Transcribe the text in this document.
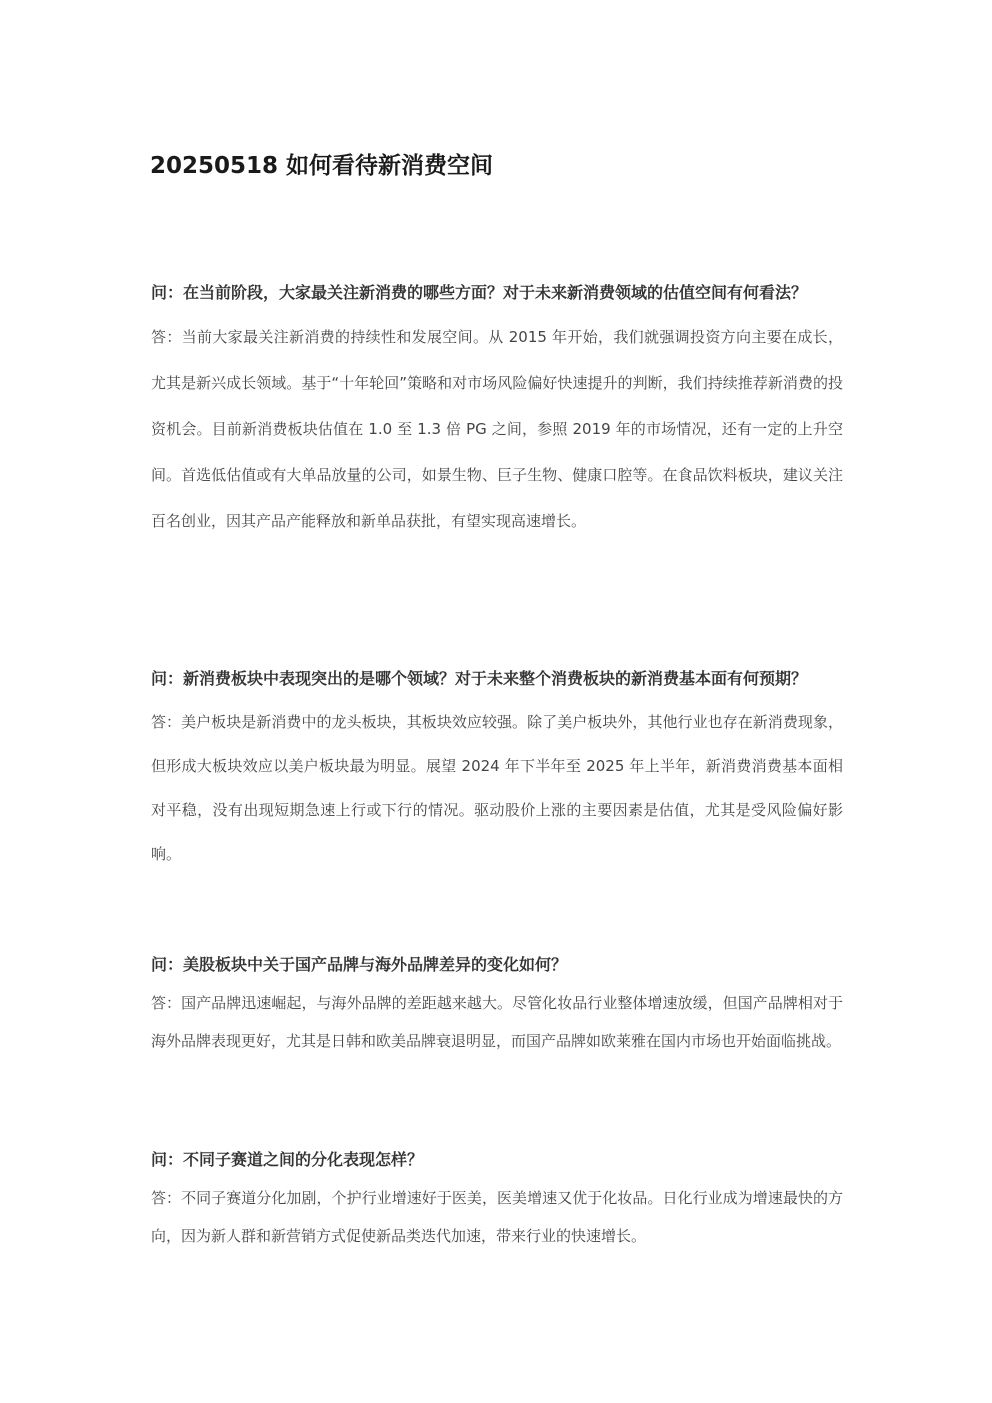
20250518 如何看待新消费空间

问：在当前阶段，大家最关注新消费的哪些方面？对于未来新消费领域的估值空间有何看法？

答：当前大家最关注新消费的持续性和发展空间。从 2015 年开始，我们就强调投资方向主要在成长，尤其是新兴成长领域。基于“十年轮回”策略和对市场风险偏好快速提升的判断，我们持续推荐新消费的投资机会。目前新消费板块估值在 1.0 至 1.3 倍 PG 之间，参照 2019 年的市场情况，还有一定的上升空间。首选低估值或有大单品放量的公司，如景生物、巨子生物、健康口腔等。在食品饮料板块，建议关注百名创业，因其产品产能释放和新单品获批，有望实现高速增长。

问：新消费板块中表现突出的是哪个领域？对于未来整个消费板块的新消费基本面有何预期？

答：美户板块是新消费中的龙头板块，其板块效应较强。除了美户板块外，其他行业也存在新消费现象，但形成大板块效应以美户板块最为明显。展望 2024 年下半年至 2025 年上半年，新消费消费基本面相对平稳，没有出现短期急速上行或下行的情况。驱动股价上涨的主要因素是估值，尤其是受风险偏好影响。

问：美股板块中关于国产品牌与海外品牌差异的变化如何？

答：国产品牌迅速崛起，与海外品牌的差距越来越大。尽管化妆品行业整体增速放缓，但国产品牌相对于海外品牌表现更好，尤其是日韩和欧美品牌衰退明显，而国产品牌如欧莱雅在国内市场也开始面临挑战。

问：不同子赛道之间的分化表现怎样？

答：不同子赛道分化加剧，个护行业增速好于医美，医美增速又优于化妆品。日化行业成为增速最快的方向，因为新人群和新营销方式促使新品类迭代加速，带来行业的快速增长。
